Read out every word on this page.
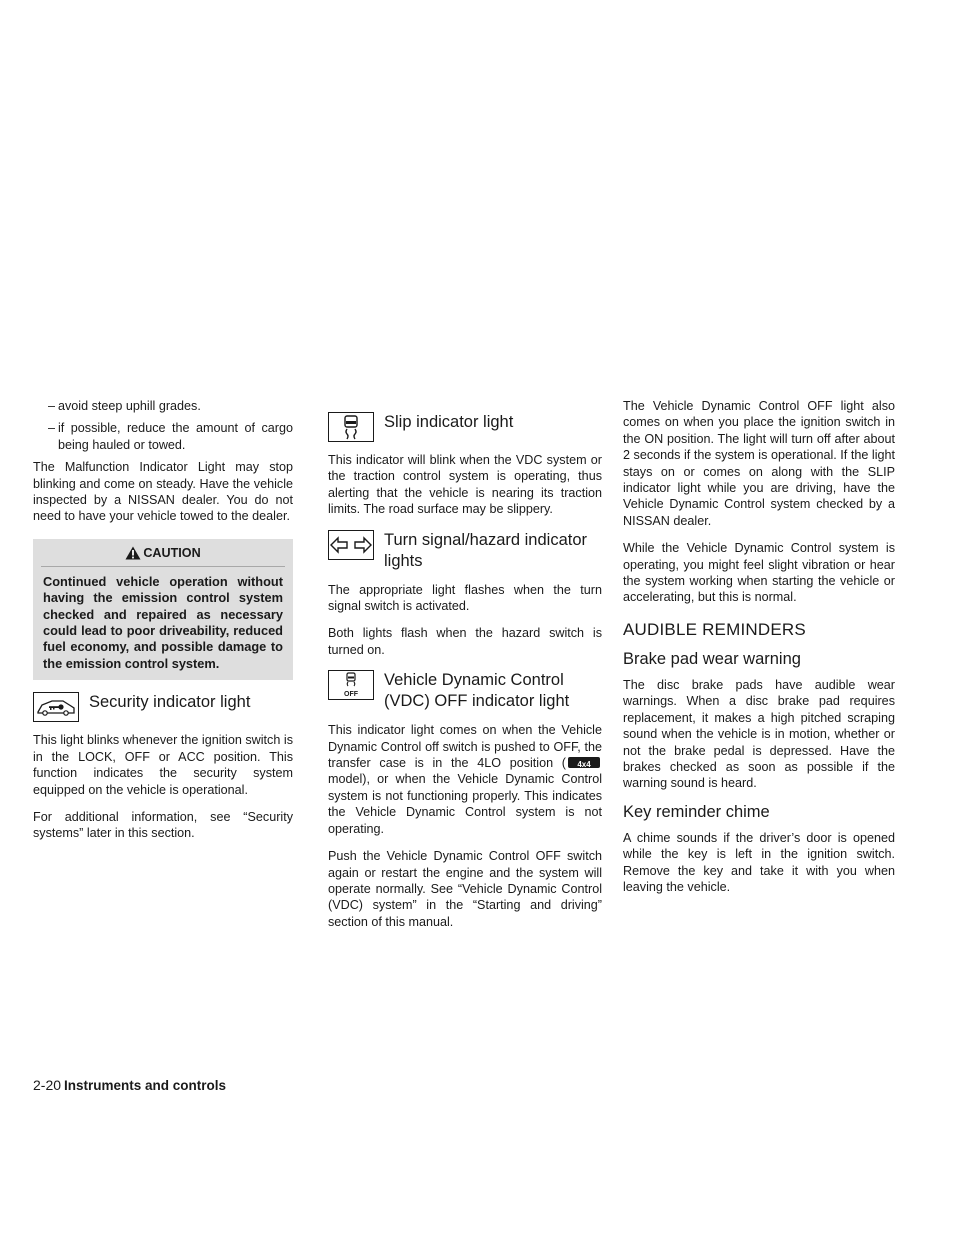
– avoid steep uphill grades.
– if possible, reduce the amount of cargo being hauled or towed.

The Malfunction Indicator Light may stop blinking and come on steady. Have the vehicle inspected by a NISSAN dealer. You do not need to have your vehicle towed to the dealer.

CAUTION
Continued vehicle operation without having the emission control system checked and repaired as necessary could lead to poor driveability, reduced fuel economy, and possible damage to the emission control system.
Security indicator light

This light blinks whenever the ignition switch is in the LOCK, OFF or ACC position. This function indicates the security system equipped on the vehicle is operational.

For additional information, see “Security systems” later in this section.

Slip indicator light

This indicator will blink when the VDC system or the traction control system is operating, thus alerting that the vehicle is nearing its traction limits. The road surface may be slippery.

Turn signal/hazard indicator lights

The appropriate light flashes when the turn signal switch is activated.

Both lights flash when the hazard switch is turned on.

OFF
Vehicle Dynamic Control (VDC) OFF indicator light

This indicator light comes on when the Vehicle Dynamic Control off switch is pushed to OFF, the transfer case is in the 4LO position ( 4x4
model), or when the Vehicle Dynamic Control system is not functioning properly. This indicates the Vehicle Dynamic Control system is not operating.

Push the Vehicle Dynamic Control OFF switch again or restart the engine and the system will operate normally. See “Vehicle Dynamic Control (VDC) system” in the “Starting and driving” section of this manual.

The Vehicle Dynamic Control OFF light also comes on when you place the ignition switch in the ON position. The light will turn off after about 2 seconds if the system is operational. If the light stays on or comes on along with the SLIP indicator light while you are driving, have the Vehicle Dynamic Control system checked by a NISSAN dealer.

While the Vehicle Dynamic Control system is operating, you might feel slight vibration or hear the system working when starting the vehicle or accelerating, but this is normal.

AUDIBLE REMINDERS
Brake pad wear warning

The disc brake pads have audible wear warnings. When a disc brake pad requires replacement, it makes a high pitched scraping sound when the vehicle is in motion, whether or not the brake pedal is depressed. Have the brakes checked as soon as possible if the warning sound is heard.

Key reminder chime

A chime sounds if the driver’s door is opened while the key is left in the ignition switch. Remove the key and take it with you when leaving the vehicle.

2-20 Instruments and controls
